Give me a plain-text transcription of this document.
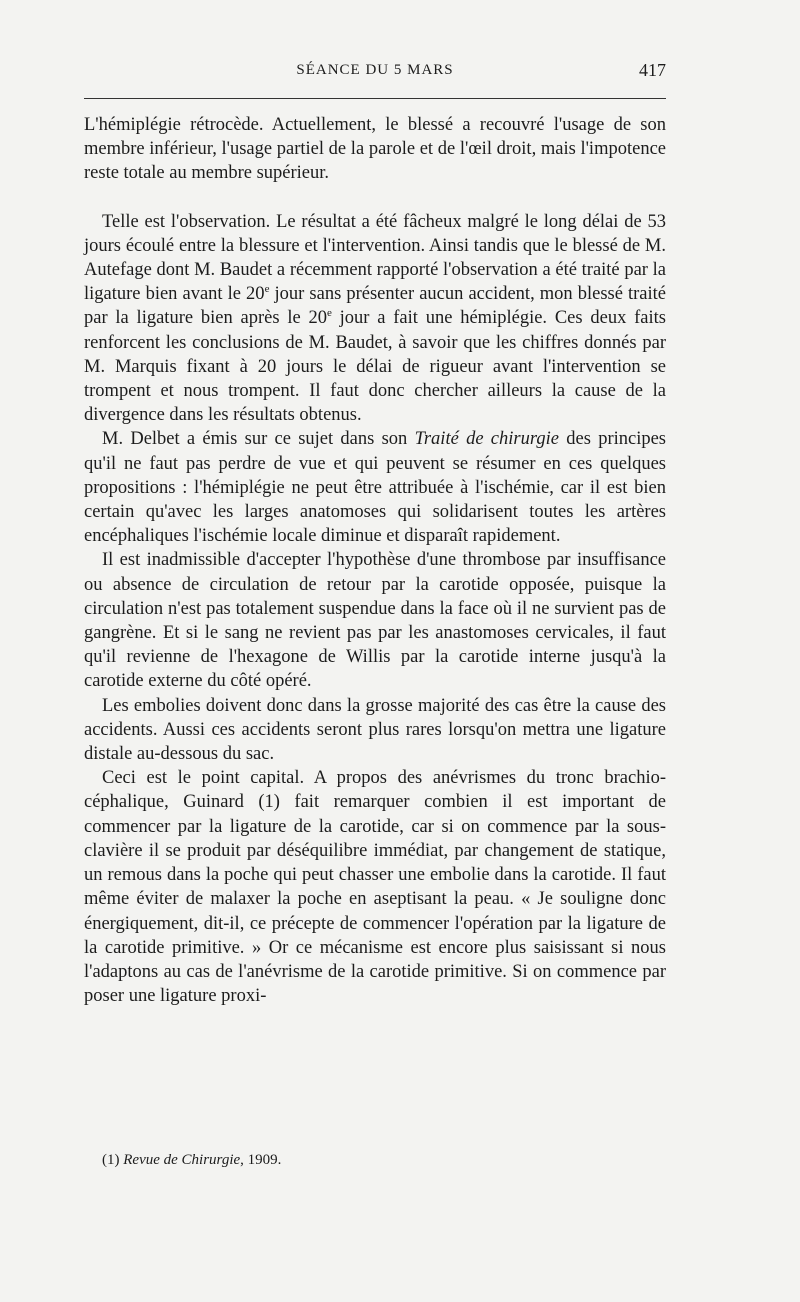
SÉANCE DU 5 MARS	417

L'hémiplégie rétrocède. Actuellement, le blessé a recouvré l'usage de son membre inférieur, l'usage partiel de la parole et de l'œil droit, mais l'impotence reste totale au membre supérieur.

Telle est l'observation. Le résultat a été fâcheux malgré le long délai de 53 jours écoulé entre la blessure et l'intervention. Ainsi tandis que le blessé de M. Autefage dont M. Baudet a récemment rapporté l'observation a été traité par la ligature bien avant le 20e jour sans présenter aucun accident, mon blessé traité par la ligature bien après le 20e jour a fait une hémiplégie. Ces deux faits renforcent les conclusions de M. Baudet, à savoir que les chiffres donnés par M. Marquis fixant à 20 jours le délai de rigueur avant l'intervention se trompent et nous trompent. Il faut donc chercher ailleurs la cause de la divergence dans les résultats obtenus.

M. Delbet a émis sur ce sujet dans son Traité de chirurgie des principes qu'il ne faut pas perdre de vue et qui peuvent se résumer en ces quelques propositions : l'hémiplégie ne peut être attribuée à l'ischémie, car il est bien certain qu'avec les larges anatomoses qui solidarisent toutes les artères encéphaliques l'ischémie locale diminue et disparaît rapidement.

Il est inadmissible d'accepter l'hypothèse d'une thrombose par insuffisance ou absence de circulation de retour par la carotide opposée, puisque la circulation n'est pas totalement suspendue dans la face où il ne survient pas de gangrène. Et si le sang ne revient pas par les anastomoses cervicales, il faut qu'il revienne de l'hexagone de Willis par la carotide interne jusqu'à la carotide externe du côté opéré.

Les embolies doivent donc dans la grosse majorité des cas être la cause des accidents. Aussi ces accidents seront plus rares lorsqu'on mettra une ligature distale au-dessous du sac.

Ceci est le point capital. A propos des anévrismes du tronc brachio-céphalique, Guinard (1) fait remarquer combien il est important de commencer par la ligature de la carotide, car si on commence par la sous-clavière il se produit par déséquilibre immédiat, par changement de statique, un remous dans la poche qui peut chasser une embolie dans la carotide. Il faut même éviter de malaxer la poche en aseptisant la peau. « Je souligne donc énergiquement, dit-il, ce précepte de commencer l'opération par la ligature de la carotide primitive. » Or ce mécanisme est encore plus saisissant si nous l'adaptons au cas de l'anévrisme de la carotide primitive. Si on commence par poser une ligature proxi-

(1) Revue de Chirurgie, 1909.
